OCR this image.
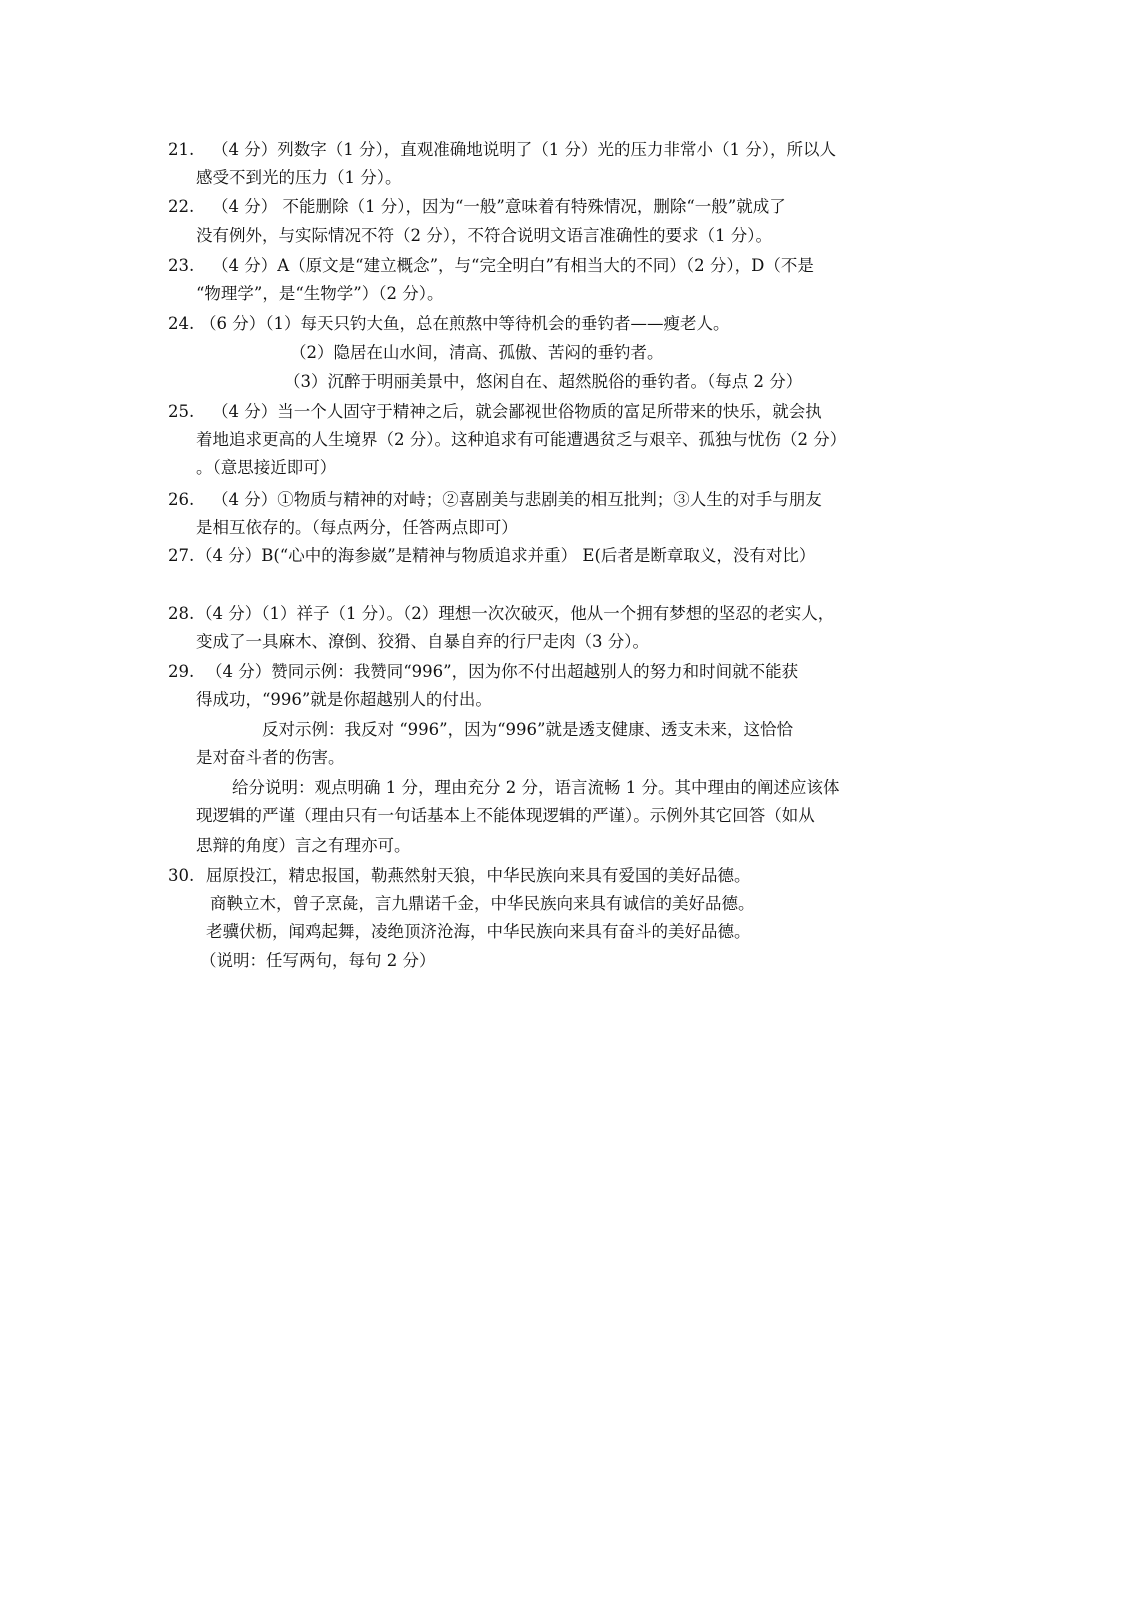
21. （4 分）列数字（1 分），直观准确地说明了（1 分）光的压力非常小（1 分），所以人
感受不到光的压力（1 分）。
22. （4 分） 不能删除（1 分），因为“一般”意味着有特殊情况，删除“一般”就成了
没有例外，与实际情况不符（2 分），不符合说明文语言准确性的要求（1 分）。
23. （4 分）A（原文是“建立概念”，与“完全明白”有相当大的不同）（2 分），D（不是
“物理学”，是“生物学”）（2 分）。
24. （6 分）（1）每天只钓大鱼，总在煎熬中等待机会的垂钓者——瘦老人。
（2）隐居在山水间，清高、孤傲、苦闷的垂钓者。
（3）沉醉于明丽美景中，悠闲自在、超然脱俗的垂钓者。（每点 2 分）
25. （4 分）当一个人固守于精神之后，就会鄙视世俗物质的富足所带来的快乐，就会执
着地追求更高的人生境界（2 分）。这种追求有可能遭遇贫乏与艰辛、孤独与忧伤（2 分）
。（意思接近即可）
26. （4 分）①物质与精神的对峙；②喜剧美与悲剧美的相互批判；③人生的对手与朋友
是相互依存的。（每点两分，任答两点即可）
27. （4 分）B(“心中的海参崴”是精神与物质追求并重） E(后者是断章取义，没有对比）
28. （4 分）（1）祥子（1 分）。（2）理想一次次破灭，他从一个拥有梦想的坚忍的老实人，
变成了一具麻木、潦倒、狡猾、自暴自弃的行尸走肉（3 分）。
29. （4 分）赞同示例：我赞同“996”，因为你不付出超越别人的努力和时间就不能获
得成功，“996”就是你超越别人的付出。
反对示例：我反对 “996”，因为“996”就是透支健康、透支未来，这恰恰
是对奋斗者的伤害。
给分说明：观点明确 1 分，理由充分 2 分，语言流畅 1 分。其中理由的阐述应该体
现逻辑的严谨（理由只有一句话基本上不能体现逻辑的严谨）。示例外其它回答（如从
思辩的角度）言之有理亦可。
30. 屈原投江，精忠报国，勒燕然射天狼，中华民族向来具有爱国的美好品德。
商鞅立木，曾子烹彘，言九鼎诺千金，中华民族向来具有诚信的美好品德。
老骥伏枥，闻鸡起舞，凌绝顶济沧海，中华民族向来具有奋斗的美好品德。
（说明：任写两句，每句 2 分）
